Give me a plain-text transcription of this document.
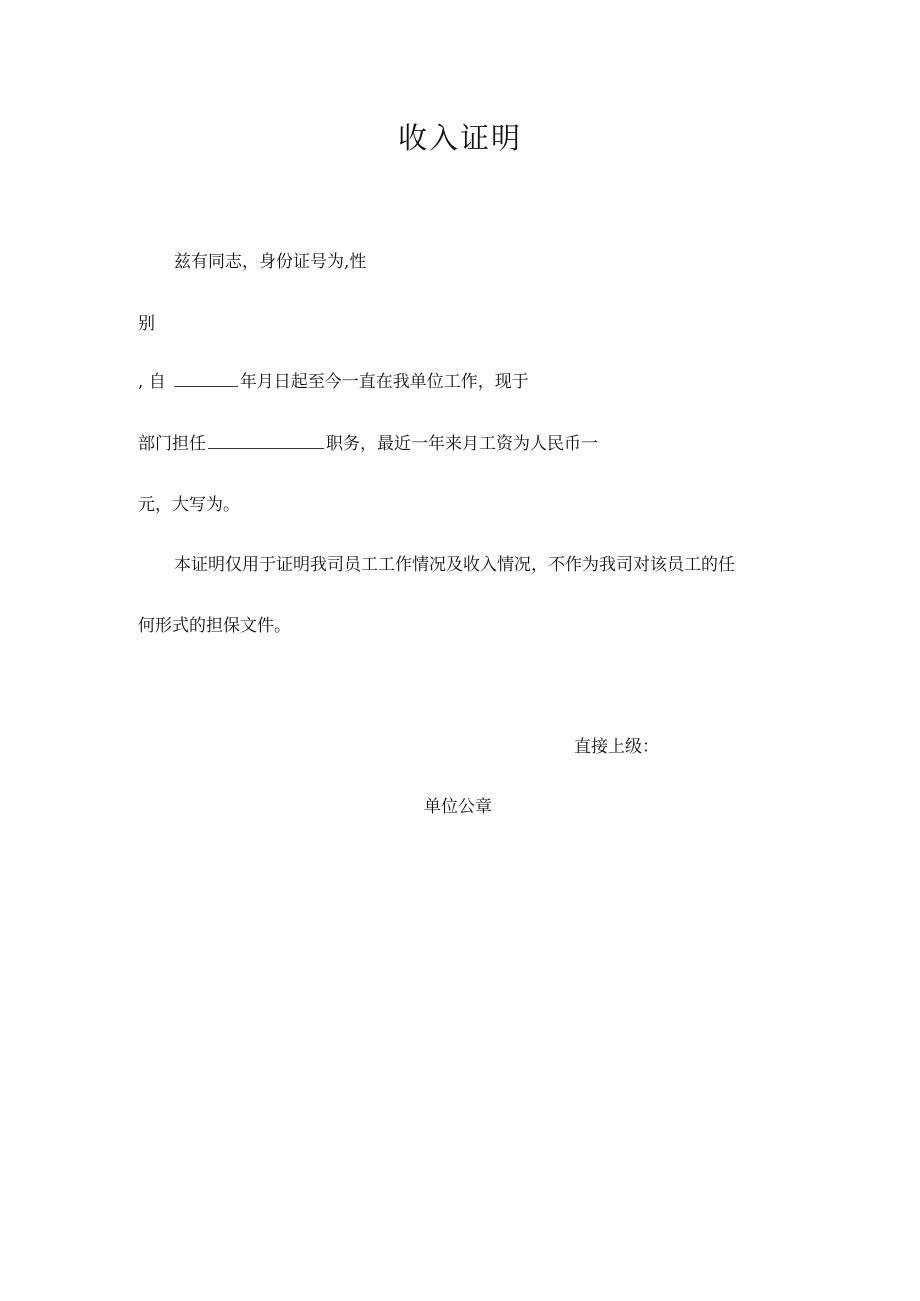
收入证明
兹有同志，身份证号为,性
别
, 自	年月日起至今一直在我单位工作，现于
部门担任	职务，最近一年来月工资为人民币一
元，大写为。
本证明仅用于证明我司员工工作情况及收入情况，不作为我司对该员工的任
何形式的担保文件。
直接上级：
单位公章
